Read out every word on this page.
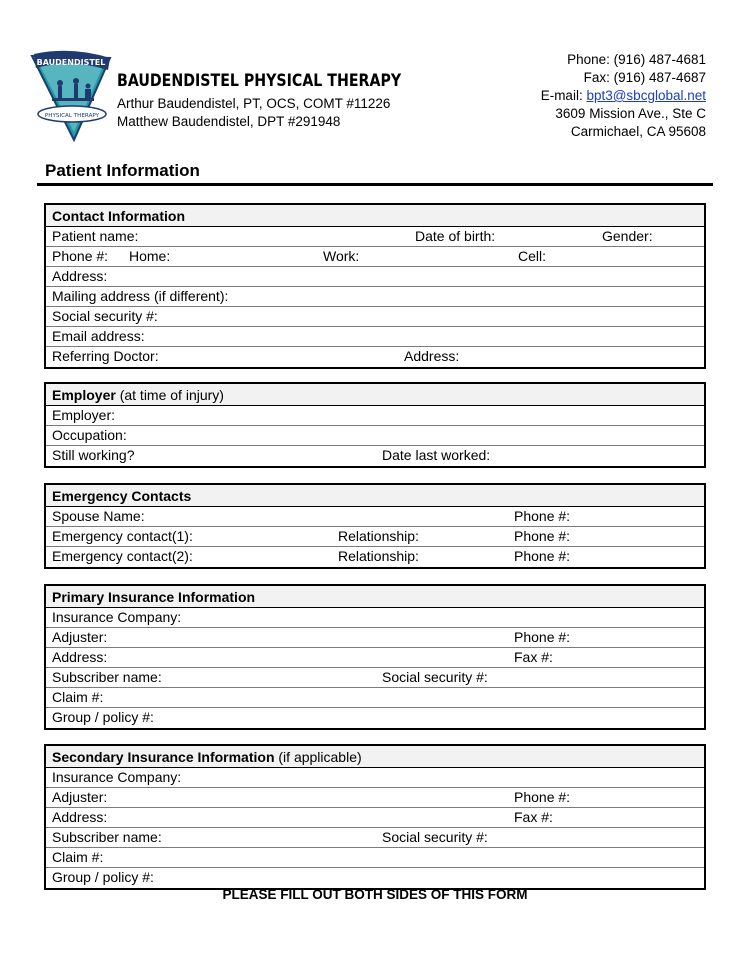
BAUDENDISTEL
PHYSICAL THERAPY
BAUDENDISTEL PHYSICAL THERAPY
Arthur Baudendistel, PT, OCS, COMT #11226
Matthew Baudendistel, DPT #291948
Phone: (916) 487-4681
Fax: (916) 487-4687
E-mail: bpt3@sbcglobal.net
3609 Mission Ave., Ste C
Carmichael, CA 95608
Patient Information
Contact Information
Patient name:	Date of birth:	Gender:
Phone #: Home:	Work:	Cell:
Address:
Mailing address (if different):
Social security #:
Email address:
Referring Doctor:	Address:
Employer (at time of injury)
Employer:
Occupation:
Still working?	Date last worked:
Emergency Contacts
Spouse Name:	Phone #:
Emergency contact(1):	Relationship:	Phone #:
Emergency contact(2):	Relationship:	Phone #:
Primary Insurance Information
Insurance Company:
Adjuster:	Phone #:
Address:	Fax #:
Subscriber name:	Social security #:
Claim #:
Group / policy #:
Secondary Insurance Information (if applicable)
Insurance Company:
Adjuster:	Phone #:
Address:	Fax #:
Subscriber name:	Social security #:
Claim #:
Group / policy #:
PLEASE FILL OUT BOTH SIDES OF THIS FORM
